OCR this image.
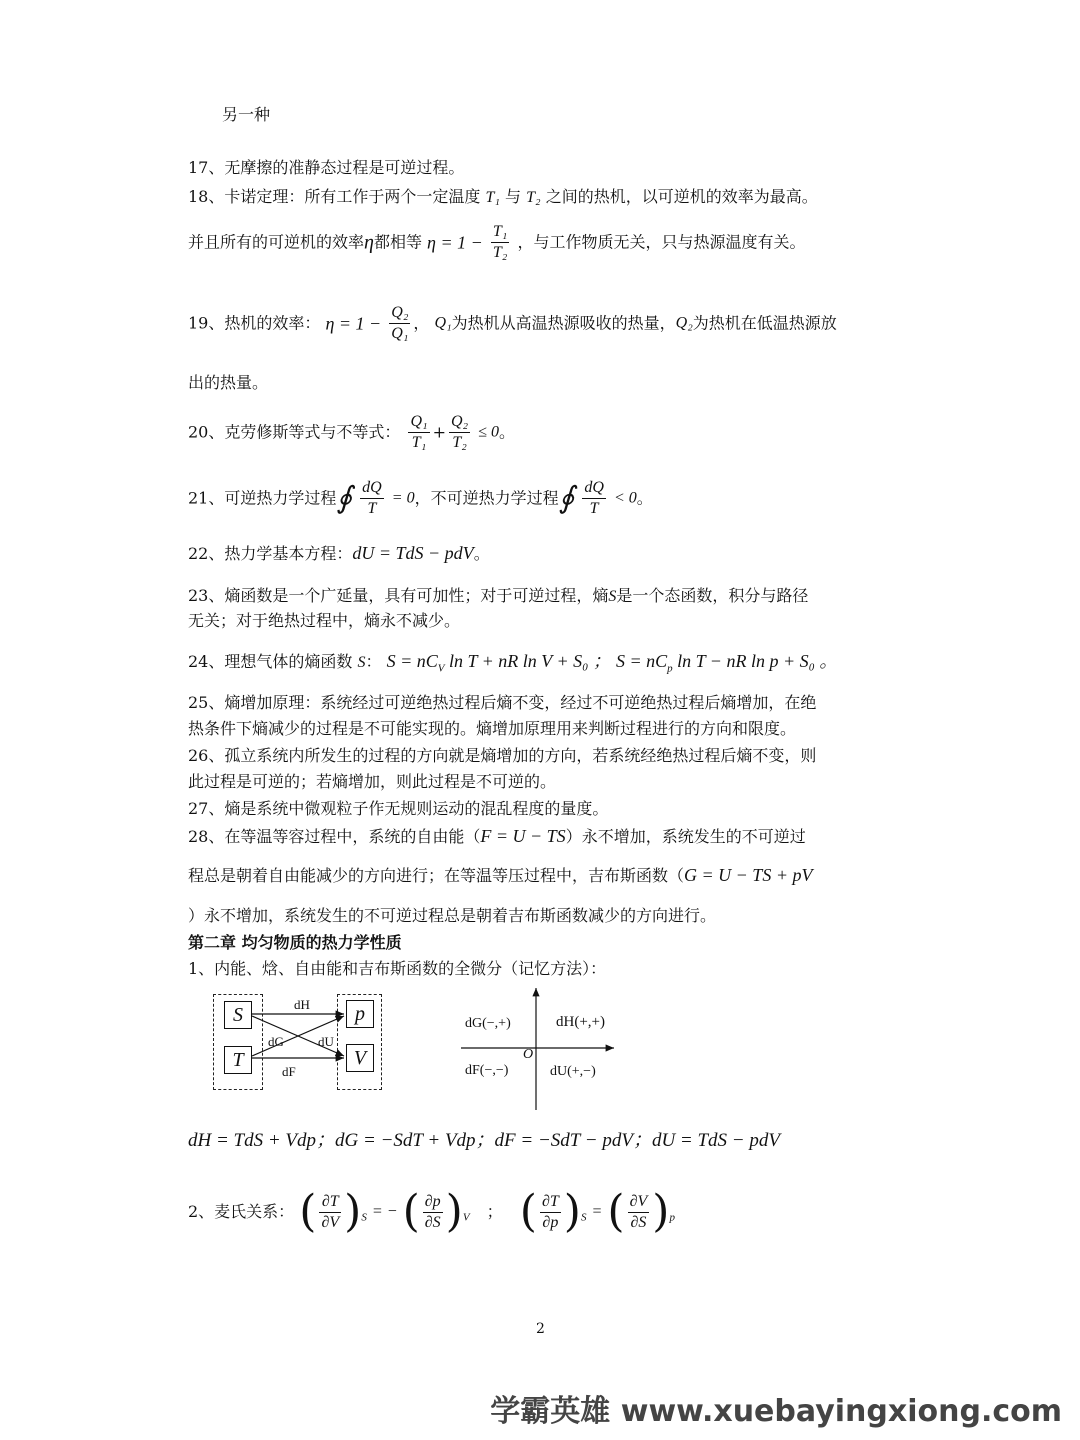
另一种
17、无摩擦的准静态过程是可逆过程。
18、卡诺定理：所有工作于两个一定温度 T₁ 与 T₂ 之间的热机，以可逆机的效率为最高。
并且所有的可逆机的效率η都相等 $\eta = 1 - \frac{\text{T₁}}{\text{T₂}}$ ，与工作物质无关，只与热源温度有关。
19、热机的效率： $\eta = 1 - \frac{\text{Q₂}}{\text{Q₁}}$ ， Q₁为热机从高温热源吸收的热量，Q₂为热机在低温热源放
出的热量。
20、克劳修斯等式与不等式： $\frac{\text{Q₁}}{\text{T₁}} + \frac{\text{Q₂}}{\text{T₂}} \le 0$。
21、可逆热力学过程∮ $\frac{dQ}{T} = 0$，不可逆热力学过程∮ $\frac{dQ}{T} < 0$。
22、热力学基本方程：dU = TdS − pdV。
23、熵函数是一个广延量，具有可加性；对于可逆过程，熵S是一个态函数，积分与路径
无关；对于绝热过程中，熵永不减少。
24、理想气体的熵函数 S： $S = nC_V$ ln T + nR ln V + S₀ ； $S = nC_p$ ln T − nR ln p + S₀ 。
25、熵增加原理：系统经过可逆绝热过程后熵不变，经过不可逆绝热过程后熵增加，在绝
热条件下熵减少的过程是不可能实现的。熵增加原理用来判断过程进行的方向和限度。
26、孤立系统内所发生的过程的方向就是熵增加的方向，若系统经绝热过程后熵不变，则
此过程是可逆的；若熵增加，则此过程是不可逆的。
27、熵是系统中微观粒子作无规则运动的混乱程度的量度。
28、在等温等容过程中，系统的自由能（F = U − TS）永不增加，系统发生的不可逆过
程总是朝着自由能减少的方向进行；在等温等压过程中，吉布斯函数（G = U − TS + pV
）永不增加，系统发生的不可逆过程总是朝着吉布斯函数减少的方向进行。
第二章 均匀物质的热力学性质
1、内能、焓、自由能和吉布斯函数的全微分（记忆方法）：
S
T
p
V
dH
dG	dU
dF
dG(−,+)	dH(+,+)
dF(−,−)	dU(+,−)
O
dH = TdS + Vdp；dG = −SdT + Vdp；dF = −SdT − pdV；dU = TdS − pdV
2、麦氏关系： ( $\frac{\partial T}{\partial V} )_S$ = − ( $\frac{\partial p}{\partial S} )_V$ ； ( $\frac{\partial T}{\partial p} )_S$ = ( $\frac{\partial V}{\partial S} )_p$
2
学霸英雄 www.xuebayingxiong.com
